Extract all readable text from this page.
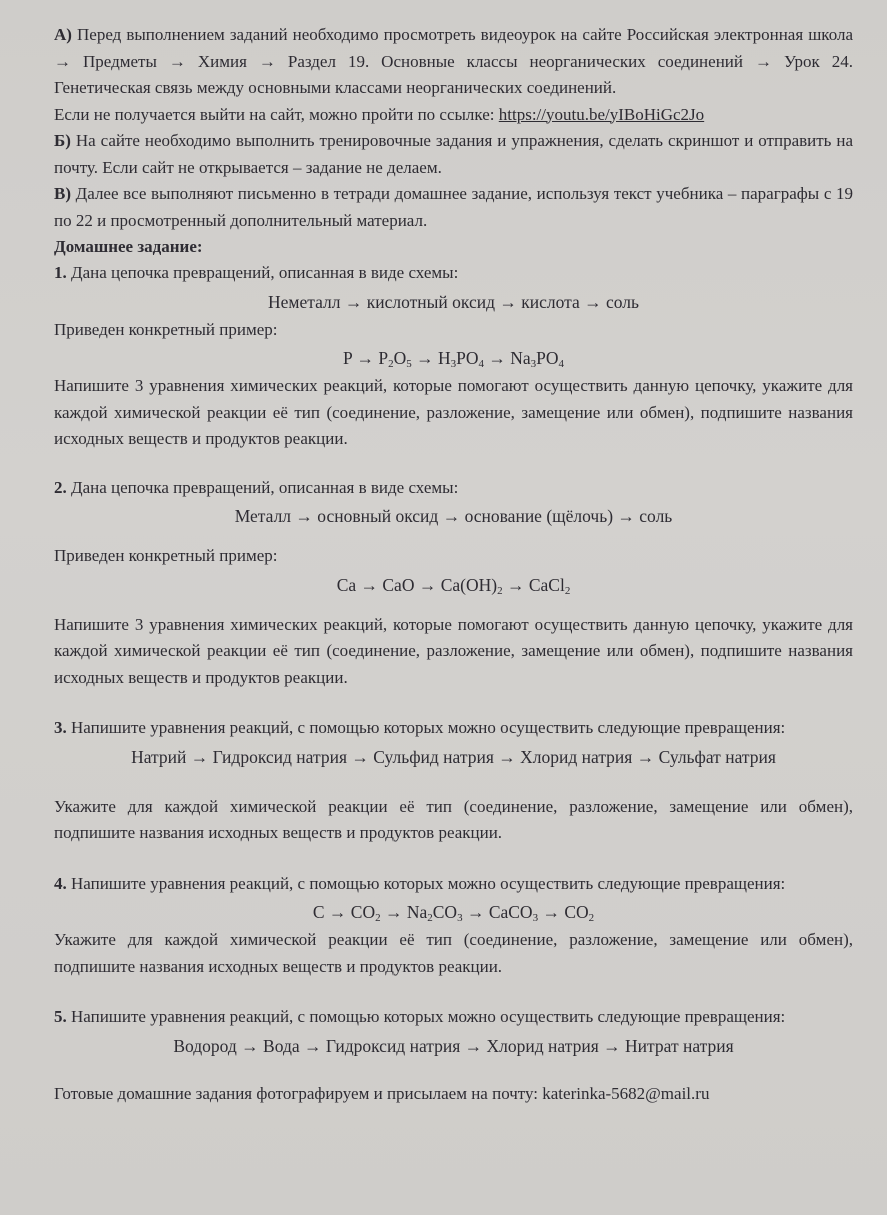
А) Перед выполнением заданий необходимо просмотреть видеоурок на сайте Российская электронная школа → Предметы → Химия → Раздел 19. Основные классы неорганических соединений → Урок 24. Генетическая связь между основными классами неорганических соединений.

Если не получается выйти на сайт, можно пройти по ссылке: https://youtu.be/yIBoHiGc2Jo

Б) На сайте необходимо выполнить тренировочные задания и упражнения, сделать скриншот и отправить на почту. Если сайт не открывается – задание не делаем.

В) Далее все выполняют письменно в тетради домашнее задание, используя текст учебника – параграфы с 19 по 22 и просмотренный дополнительный материал.

Домашнее задание:

1. Дана цепочка превращений, описанная в виде схемы:

Неметалл → кислотный оксид → кислота → соль

Приведен конкретный пример:

$P \to P_2O_5 \to H_3PO_4 \to Na_3PO_4$

Напишите 3 уравнения химических реакций, которые помогают осуществить данную цепочку, укажите для каждой химической реакции её тип (соединение, разложение, замещение или обмен), подпишите названия исходных веществ и продуктов реакции.

2. Дана цепочка превращений, описанная в виде схемы:

Металл → основный оксид → основание (щёлочь) → соль

Приведен конкретный пример:

Ca → CaO → $Ca(OH)_2$ → CaCl$_2$

Напишите 3 уравнения химических реакций, которые помогают осуществить данную цепочку, укажите для каждой химической реакции её тип (соединение, разложение, замещение или обмен), подпишите названия исходных веществ и продуктов реакции.

3. Напишите уравнения реакций, с помощью которых можно осуществить следующие превращения:

Натрий → Гидроксид натрия → Сульфид натрия → Хлорид натрия → Сульфат натрия

Укажите для каждой химической реакции её тип (соединение, разложение, замещение или обмен), подпишите названия исходных веществ и продуктов реакции.

4. Напишите уравнения реакций, с помощью которых можно осуществить следующие превращения:

$C \to CO_2 \to Na_2CO_3$ → CaCO$_3$ → $CO_2$

Укажите для каждой химической реакции её тип (соединение, разложение, замещение или обмен), подпишите названия исходных веществ и продуктов реакции.

5. Напишите уравнения реакций, с помощью которых можно осуществить следующие превращения:

Водород → Вода → Гидроксид натрия → Хлорид натрия → Нитрат натрия

Готовые домашние задания фотографируем и присылаем на почту: katerinka-5682@mail.ru
